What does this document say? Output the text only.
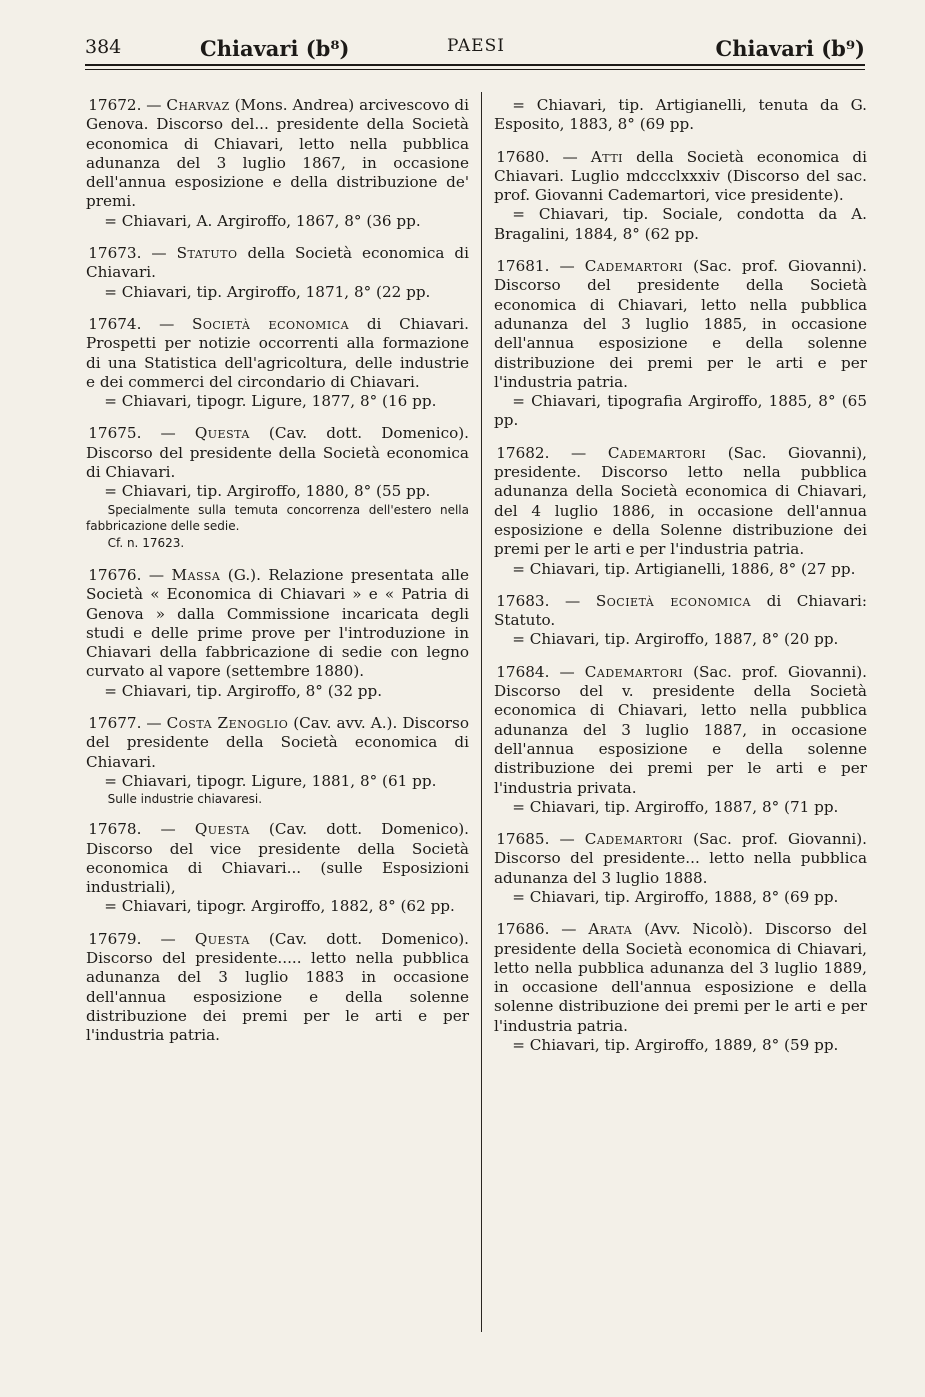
384	Chiavari (b⁸)	PAESI	Chiavari (b⁹)

17672. — Charvaz (Mons. Andrea) arcivescovo di Genova. Discorso del... presidente della Società economica di Chiavari, letto nella pubblica adunanza del 3 luglio 1867, in occasione dell'annua esposizione e della distribuzione de' premi.

= Chiavari, A. Argiroffo, 1867, 8° (36 pp.

17673. — Statuto della Società economica di Chiavari.

= Chiavari, tip. Argiroffo, 1871, 8° (22 pp.

17674. — Società economica di Chiavari. Prospetti per notizie occorrenti alla formazione di una Statistica dell'agricoltura, delle industrie e dei commerci del circondario di Chiavari.

= Chiavari, tipogr. Ligure, 1877, 8° (16 pp.

17675. — Questa (Cav. dott. Domenico). Discorso del presidente della Società economica di Chiavari.

= Chiavari, tip. Argiroffo, 1880, 8° (55 pp.

Specialmente sulla temuta concorrenza dell'estero nella fabbricazione delle sedie.

Cf. n. 17623.

17676. — Massa (G.). Relazione presentata alle Società « Economica di Chiavari » e « Patria di Genova » dalla Commissione incaricata degli studi e delle prime prove per l'introduzione in Chiavari della fabbricazione di sedie con legno curvato al vapore (settembre 1880).

= Chiavari, tip. Argiroffo, 8° (32 pp.

17677. — Costa Zenoglio (Cav. avv. A.). Discorso del presidente della Società economica di Chiavari.

= Chiavari, tipogr. Ligure, 1881, 8° (61 pp.

Sulle industrie chiavaresi.

17678. — Questa (Cav. dott. Domenico). Discorso del vice presidente della Società economica di Chiavari... (sulle Esposizioni industriali),

= Chiavari, tipogr. Argiroffo, 1882, 8° (62 pp.

17679. — Questa (Cav. dott. Domenico). Discorso del presidente..... letto nella pubblica adunanza del 3 luglio 1883 in occasione dell'annua esposizione e della solenne distribuzione dei premi per le arti e per l'industria patria.

= Chiavari, tip. Artigianelli, tenuta da G. Esposito, 1883, 8° (69 pp.

17680. — Atti della Società economica di Chiavari. Luglio mdccclxxxiv (Discorso del sac. prof. Giovanni Cademartori, vice presidente).

= Chiavari, tip. Sociale, condotta da A. Bragalini, 1884, 8° (62 pp.

17681. — Cademartori (Sac. prof. Giovanni). Discorso del presidente della Società economica di Chiavari, letto nella pubblica adunanza del 3 luglio 1885, in occasione dell'annua esposizione e della solenne distribuzione dei premi per le arti e per l'industria patria.

= Chiavari, tipografia Argiroffo, 1885, 8° (65 pp.

17682. — Cademartori (Sac. Giovanni), presidente. Discorso letto nella pubblica adunanza della Società economica di Chiavari, del 4 luglio 1886, in occasione dell'annua esposizione e della Solenne distribuzione dei premi per le arti e per l'industria patria.

= Chiavari, tip. Artigianelli, 1886, 8° (27 pp.

17683. — Società economica di Chiavari: Statuto.

= Chiavari, tip. Argiroffo, 1887, 8° (20 pp.

17684. — Cademartori (Sac. prof. Giovanni). Discorso del v. presidente della Società economica di Chiavari, letto nella pubblica adunanza del 3 luglio 1887, in occasione dell'annua esposizione e della solenne distribuzione dei premi per le arti e per l'industria privata.

= Chiavari, tip. Argiroffo, 1887, 8° (71 pp.

17685. — Cademartori (Sac. prof. Giovanni). Discorso del presidente... letto nella pubblica adunanza del 3 luglio 1888.

= Chiavari, tip. Argiroffo, 1888, 8° (69 pp.

17686. — Arata (Avv. Nicolò). Discorso del presidente della Società economica di Chiavari, letto nella pubblica adunanza del 3 luglio 1889, in occasione dell'annua esposizione e della solenne distribuzione dei premi per le arti e per l'industria patria.

= Chiavari, tip. Argiroffo, 1889, 8° (59 pp.
